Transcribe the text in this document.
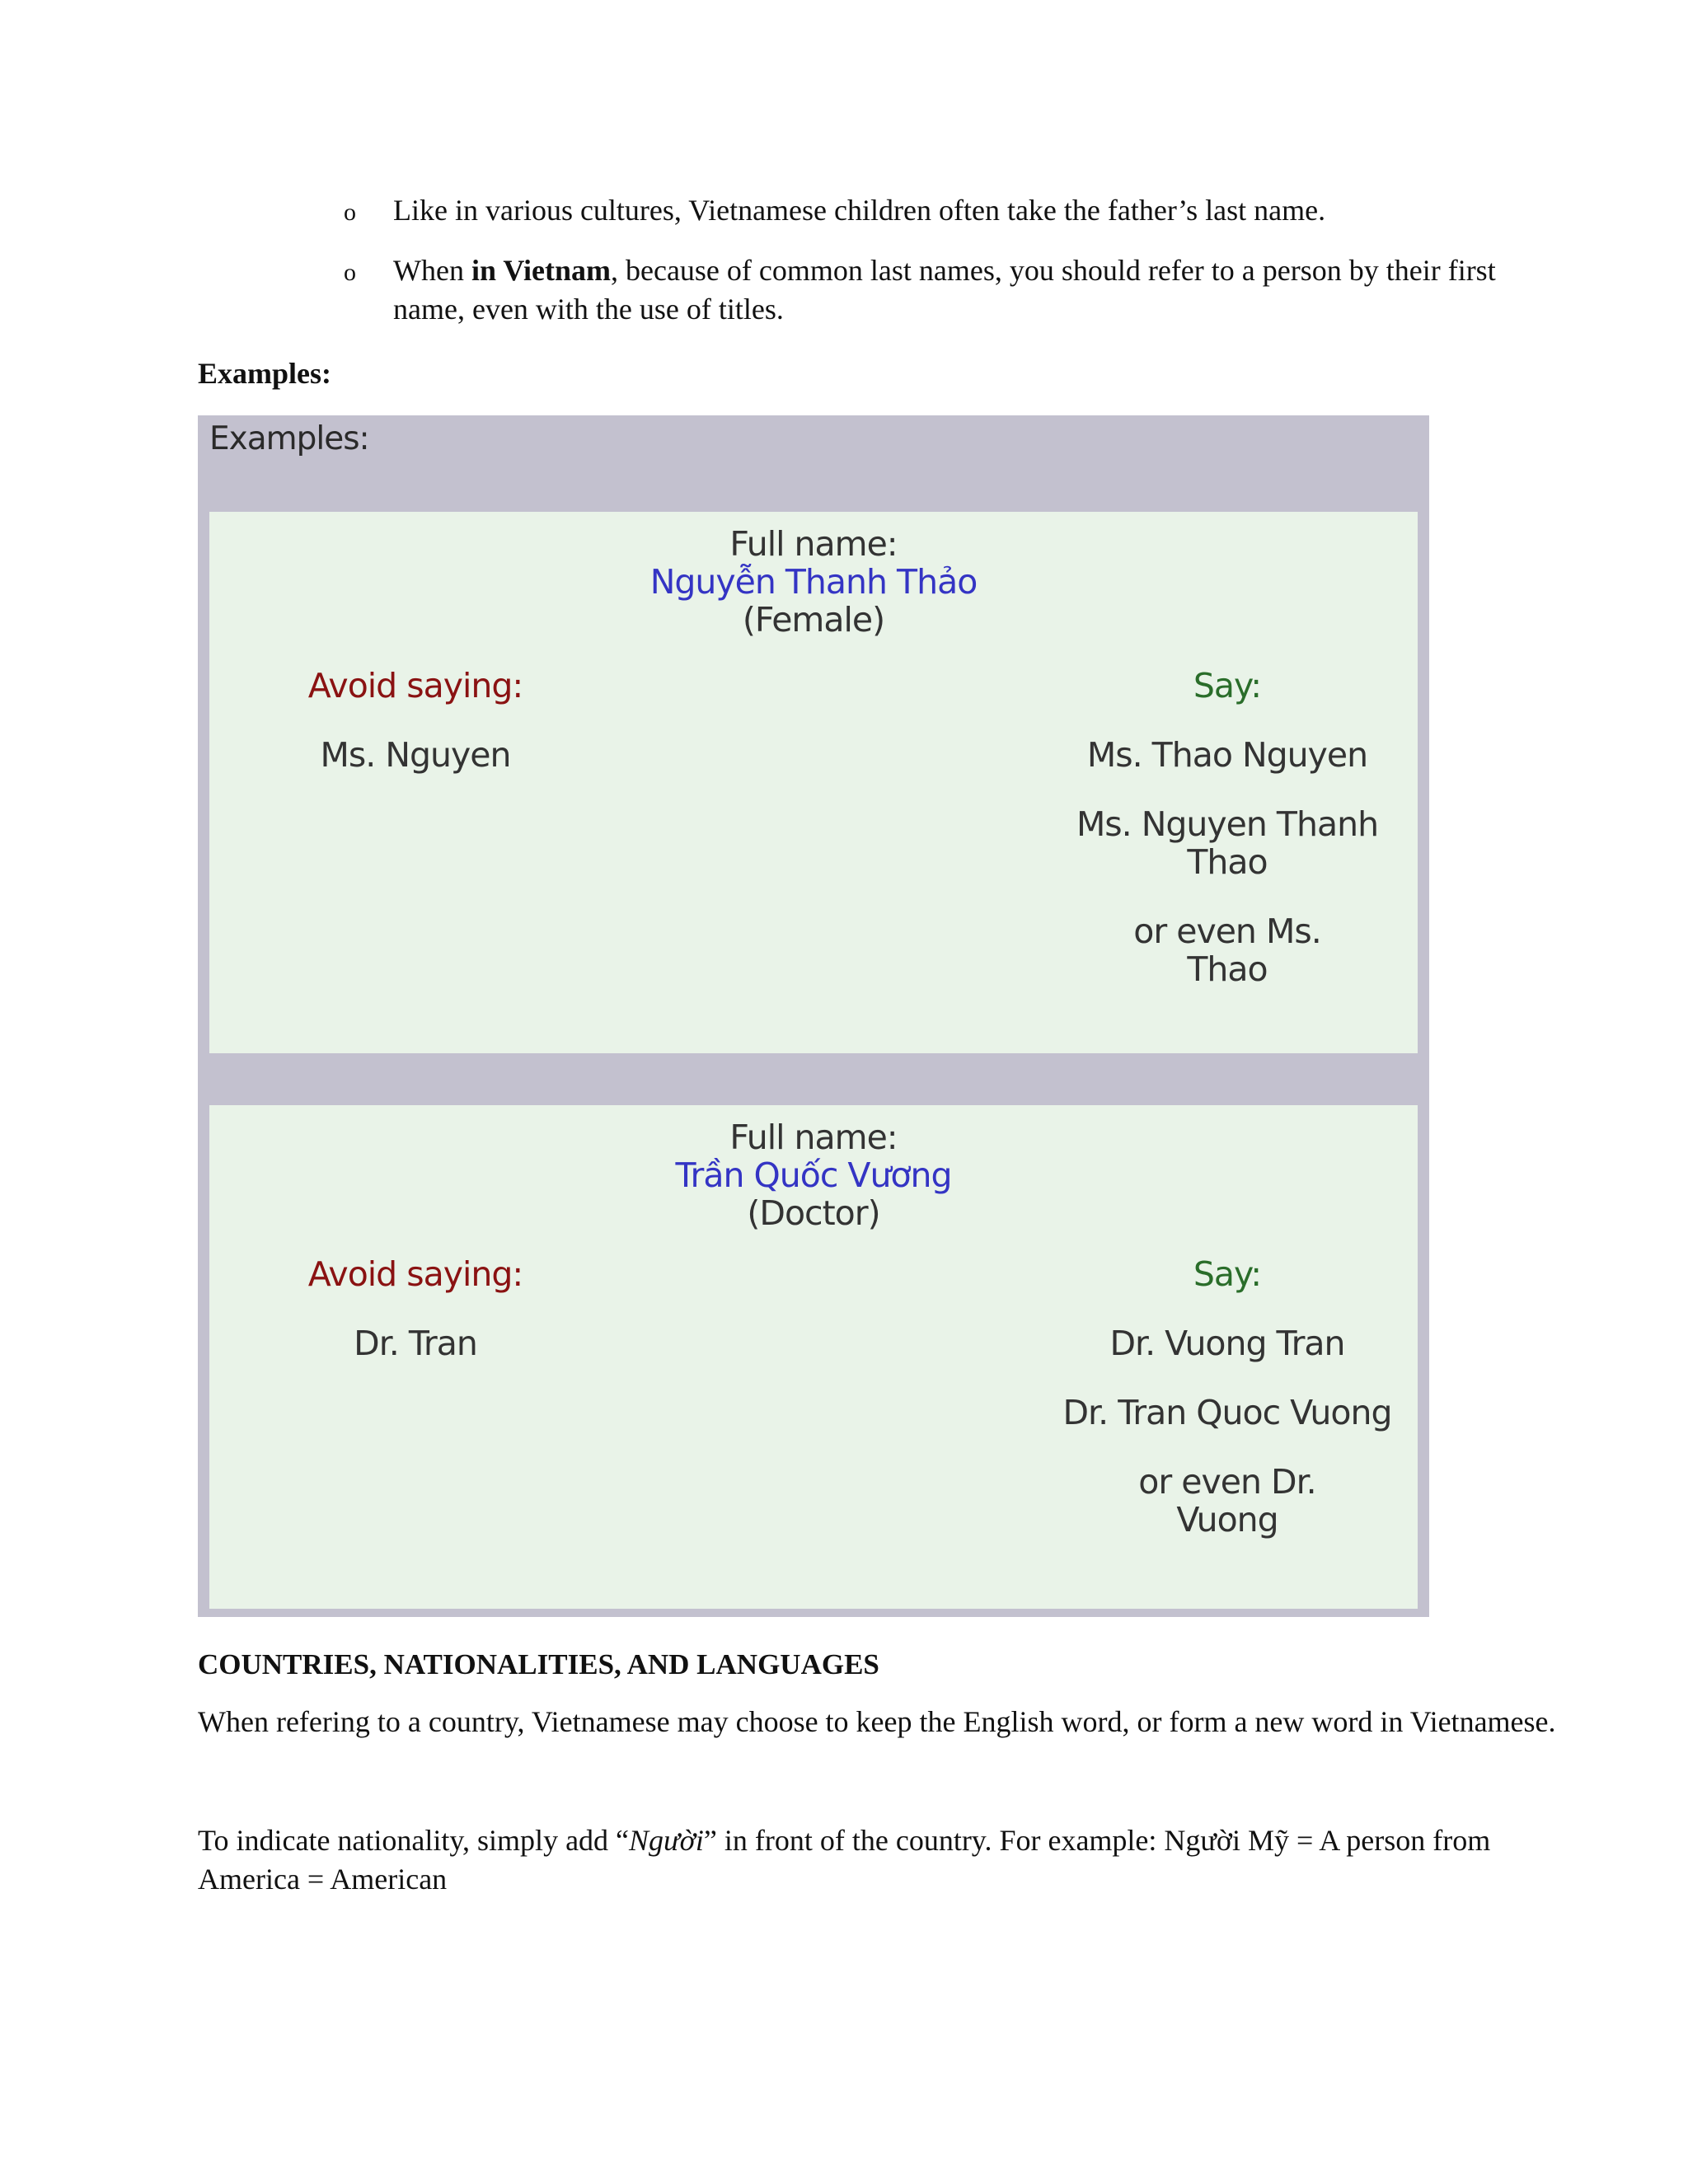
o Like in various cultures, Vietnamese children often take the father’s last name.
o When in Vietnam, because of common last names, you should refer to a person by their first name, even with the use of titles.
Examples:
Examples:
Full name:
Nguyễn Thanh Thảo
(Female)
Avoid saying:
Ms. Nguyen
Say:
Ms. Thao Nguyen
Ms. Nguyen Thanh Thao
or even Ms. Thao
Full name:
Trần Quốc Vương
(Doctor)
Avoid saying:
Dr. Tran
Say:
Dr. Vuong Tran
Dr. Tran Quoc Vuong
or even Dr. Vuong
COUNTRIES, NATIONALITIES, AND LANGUAGES
When refering to a country, Vietnamese may choose to keep the English word, or form a new word in Vietnamese.
To indicate nationality, simply add “Người” in front of the country. For example: Người Mỹ = A person from America = American
